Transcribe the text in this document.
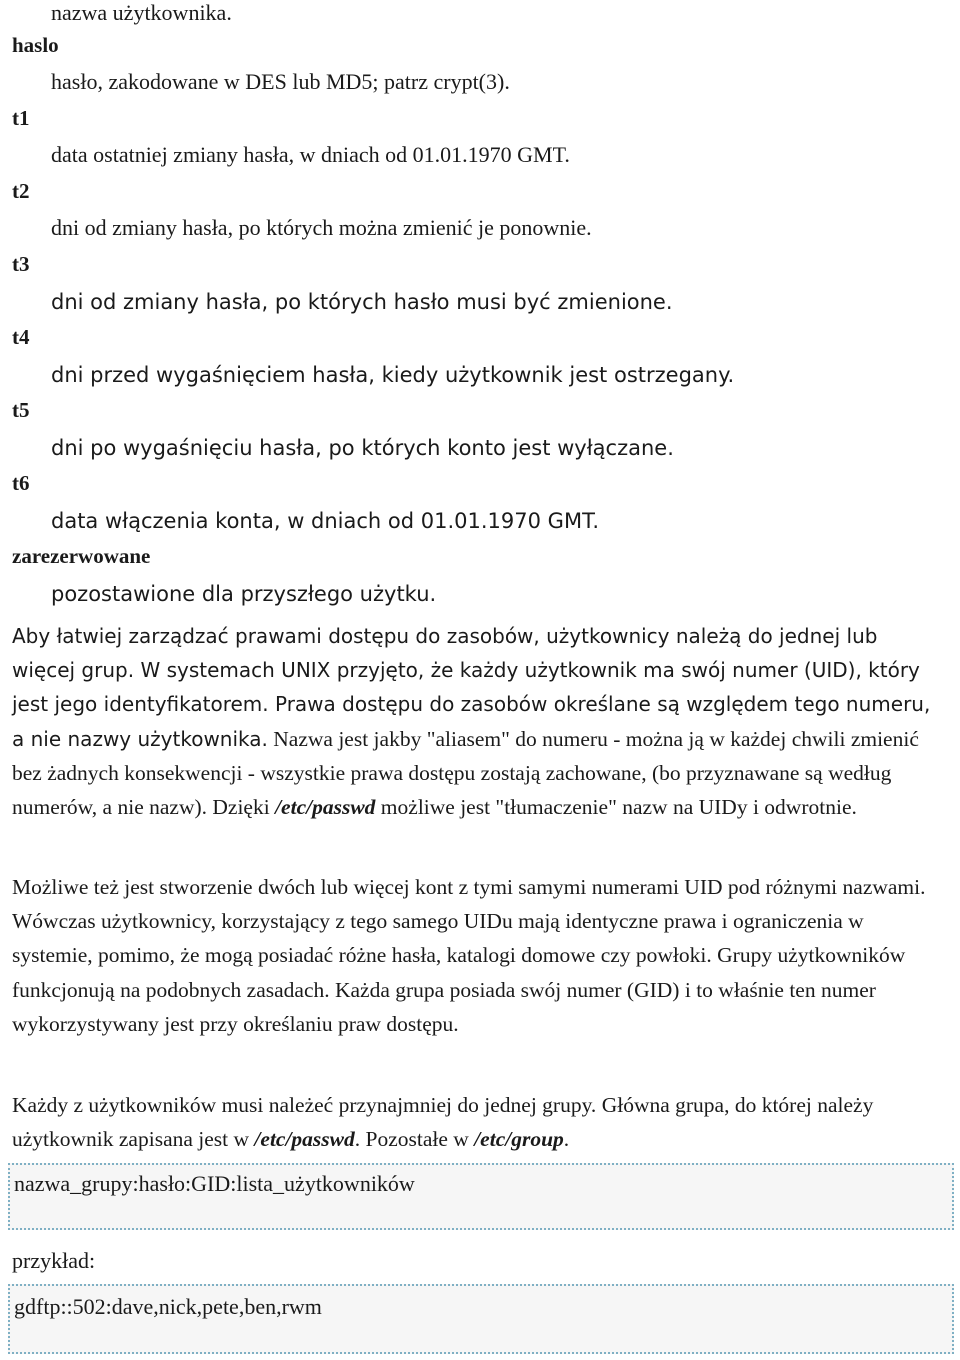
nazwa użytkownika.
haslo
hasło, zakodowane w DES lub MD5; patrz crypt(3).
t1
data ostatniej zmiany hasła, w dniach od 01.01.1970 GMT.
t2
dni od zmiany hasła, po których można zmienić je ponownie.
t3
dni od zmiany hasła, po których hasło musi być zmienione.
t4
dni przed wygaśnięciem hasła, kiedy użytkownik jest ostrzegany.
t5
dni po wygaśnięciu hasła, po których konto jest wyłączane.
t6
data włączenia konta, w dniach od 01.01.1970 GMT.
zarezerwowane
pozostawione dla przyszłego użytku.

Aby łatwiej zarządzać prawami dostępu do zasobów, użytkownicy należą do jednej lub więcej grup. W systemach UNIX przyjęto, że każdy użytkownik ma swój numer (UID), który jest jego identyfikatorem. Prawa dostępu do zasobów określane są względem tego numeru, a nie nazwy użytkownika. Nazwa jest jakby "aliasem" do numeru - można ją w każdej chwili zmienić bez żadnych konsekwencji - wszystkie prawa dostępu zostają zachowane, (bo przyznawane są według numerów, a nie nazw). Dzięki /etc/passwd możliwe jest "tłumaczenie" nazw na UIDy i odwrotnie.

Możliwe też jest stworzenie dwóch lub więcej kont z tymi samymi numerami UID pod różnymi nazwami. Wówczas użytkownicy, korzystający z tego samego UIDu mają identyczne prawa i ograniczenia w systemie, pomimo, że mogą posiadać różne hasła, katalogi domowe czy powłoki. Grupy użytkowników funkcjonują na podobnych zasadach. Każda grupa posiada swój numer (GID) i to właśnie ten numer wykorzystywany jest przy określaniu praw dostępu.

Każdy z użytkowników musi należeć przynajmniej do jednej grupy. Główna grupa, do której należy użytkownik zapisana jest w /etc/passwd. Pozostałe w /etc/group.

nazwa_grupy:hasło:GID:lista_użytkowników
przykład:
gdftp::502:dave,nick,pete,ben,rwm
